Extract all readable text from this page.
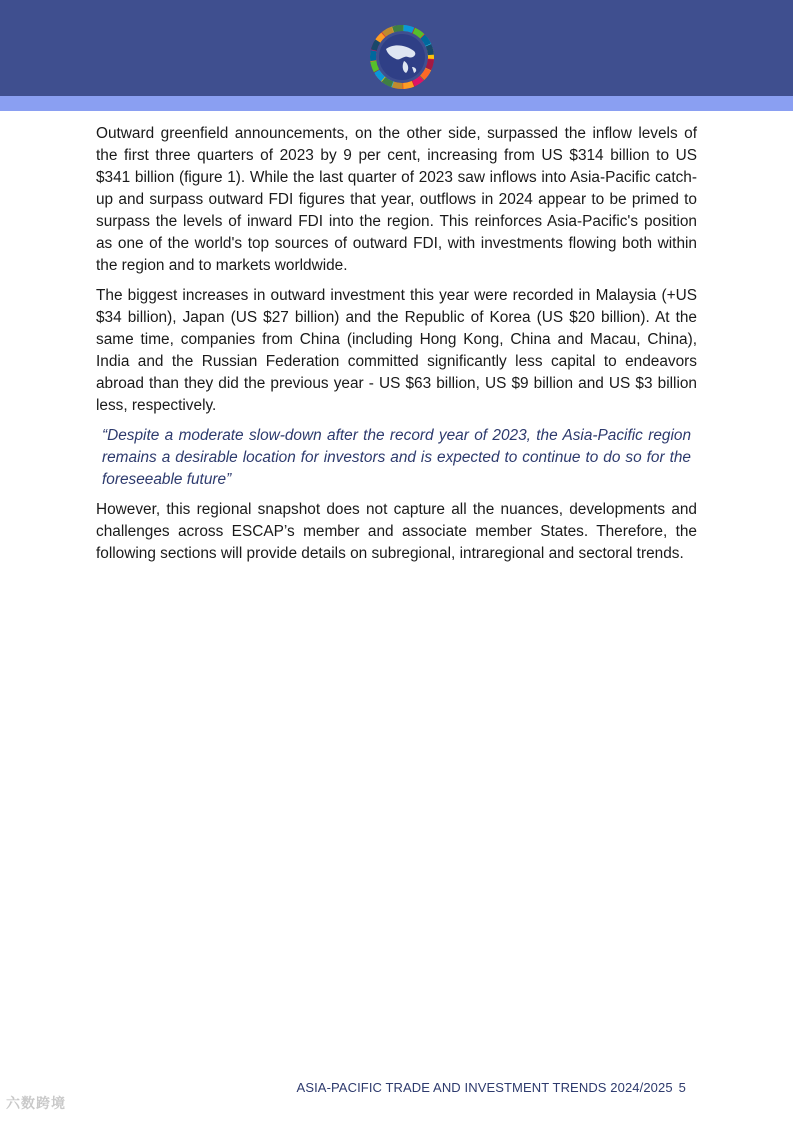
Outward greenfield announcements, on the other side, surpassed the inflow levels of the first three quarters of 2023 by 9 per cent, increasing from US $314 billion to US $341 billion (figure 1). While the last quarter of 2023 saw inflows into Asia-Pacific catch-up and surpass outward FDI figures that year, outflows in 2024 appear to be primed to surpass the levels of inward FDI into the region. This reinforces Asia-Pacific's position as one of the world's top sources of outward FDI, with investments flowing both within the region and to markets worldwide.

The biggest increases in outward investment this year were recorded in Malaysia (+US $34 billion), Japan (US $27 billion) and the Republic of Korea (US $20 billion). At the same time, companies from China (including Hong Kong, China and Macau, China), India and the Russian Federation committed significantly less capital to endeavors abroad than they did the previous year - US $63 billion, US $9 billion and US $3 billion less, respectively.

“Despite a moderate slow-down after the record year of 2023, the Asia-Pacific region remains a desirable location for investors and is expected to continue to do so for the foreseeable future”

However, this regional snapshot does not capture all the nuances, developments and challenges across ESCAP’s member and associate member States. Therefore, the following sections will provide details on subregional, intraregional and sectoral trends.

ASIA-PACIFIC TRADE AND INVESTMENT TRENDS 2024/2025 5
六数跨境
